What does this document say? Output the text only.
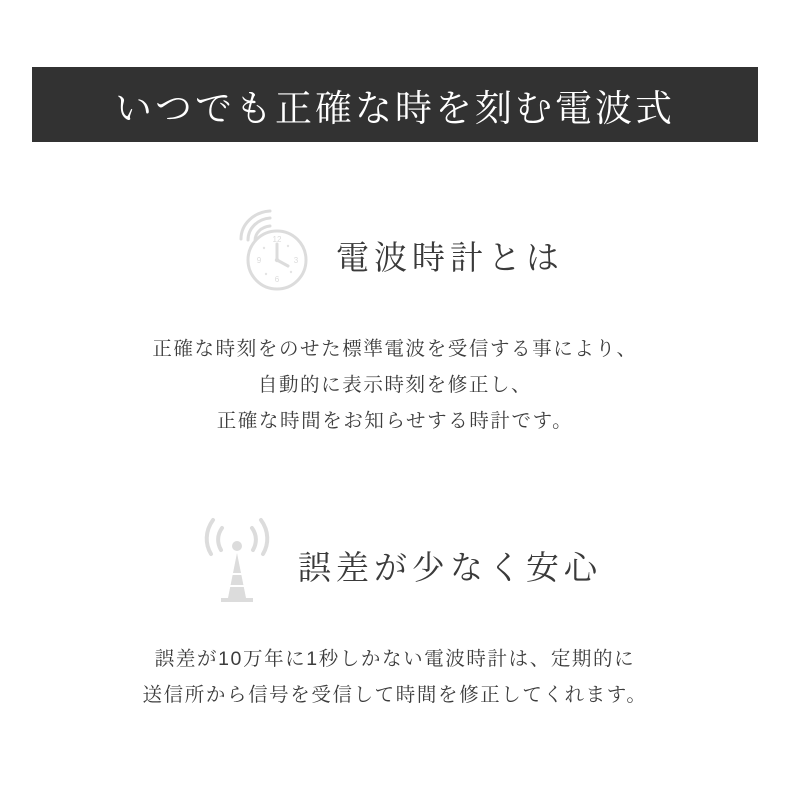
いつでも正確な時を刻む電波式
12
3
6
9 電波時計とは
正確な時刻をのせた標準電波を受信する事により、
自動的に表示時刻を修正し、
正確な時間をお知らせする時計です。
誤差が少なく安心
誤差が10万年に1秒しかない電波時計は、定期的に
送信所から信号を受信して時間を修正してくれます。
